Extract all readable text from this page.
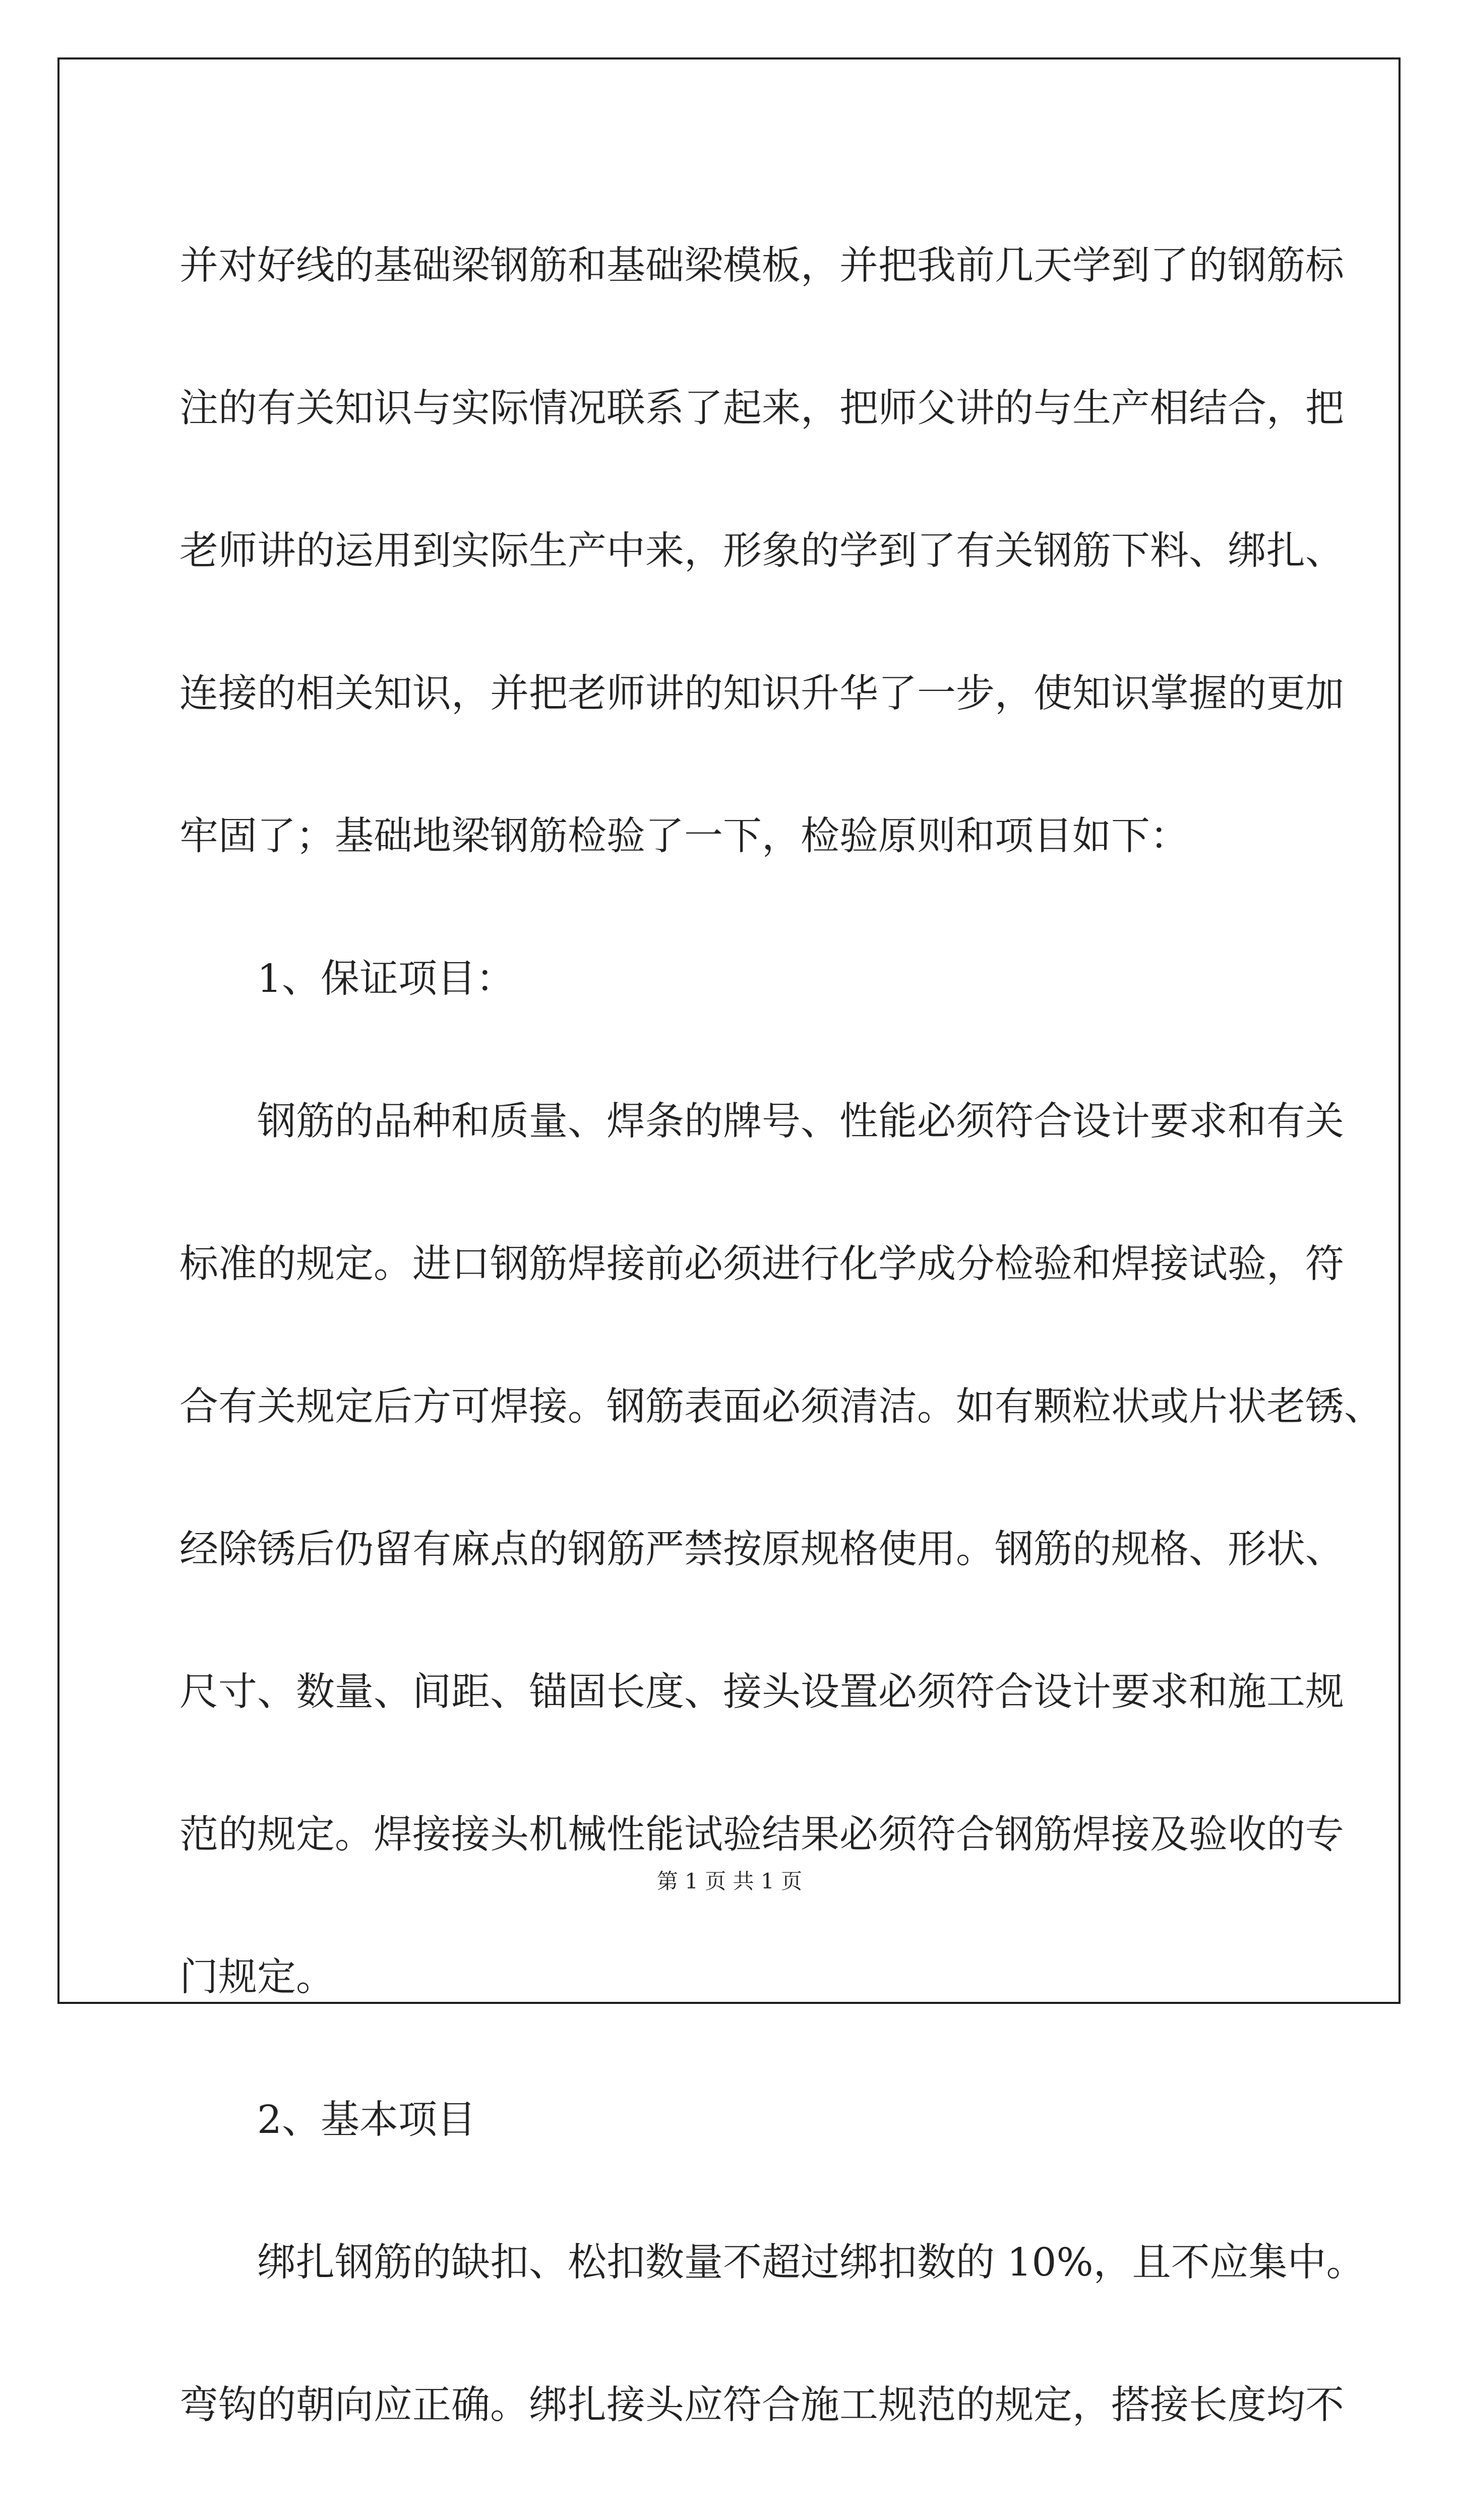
并对好线的基础梁钢筋和基础梁模板，并把我前几天学到了的钢筋标
注的有关知识与实际情况联系了起来，把师父讲的与生产相结合，把
老师讲的运用到实际生产中来，形象的学到了有关钢筋下料、绑扎、
连接的相关知识，并把老师讲的知识升华了一步，使知识掌握的更加
牢固了；基础地梁钢筋检验了一下，检验原则和项目如下：
1、保证项目：
钢筋的品种和质量、焊条的牌号、性能必须符合设计要求和有关
标准的规定。进口钢筋焊接前必须进行化学成分检验和焊接试验，符
合有关规定后方可焊接。钢筋表面必须清洁。如有颗粒状或片状老锈、
经除锈后仍留有麻点的钢筋严禁按原规格使用。钢筋的规格、形状、
尺寸、数量、间距、锚固长度、接头设置必须符合设计要求和施工规
范的规定。焊接接头机械性能试验结果必须符合钢筋焊接及验收的专
门规定。
2、基本项目
绑扎钢筋的缺扣、松扣数量不超过绑扣数的 10%，且不应集中。
弯钩的朝向应正确。绑扎接头应符合施工规范的规定，搭接长度均不
第 1 页 共 1 页
